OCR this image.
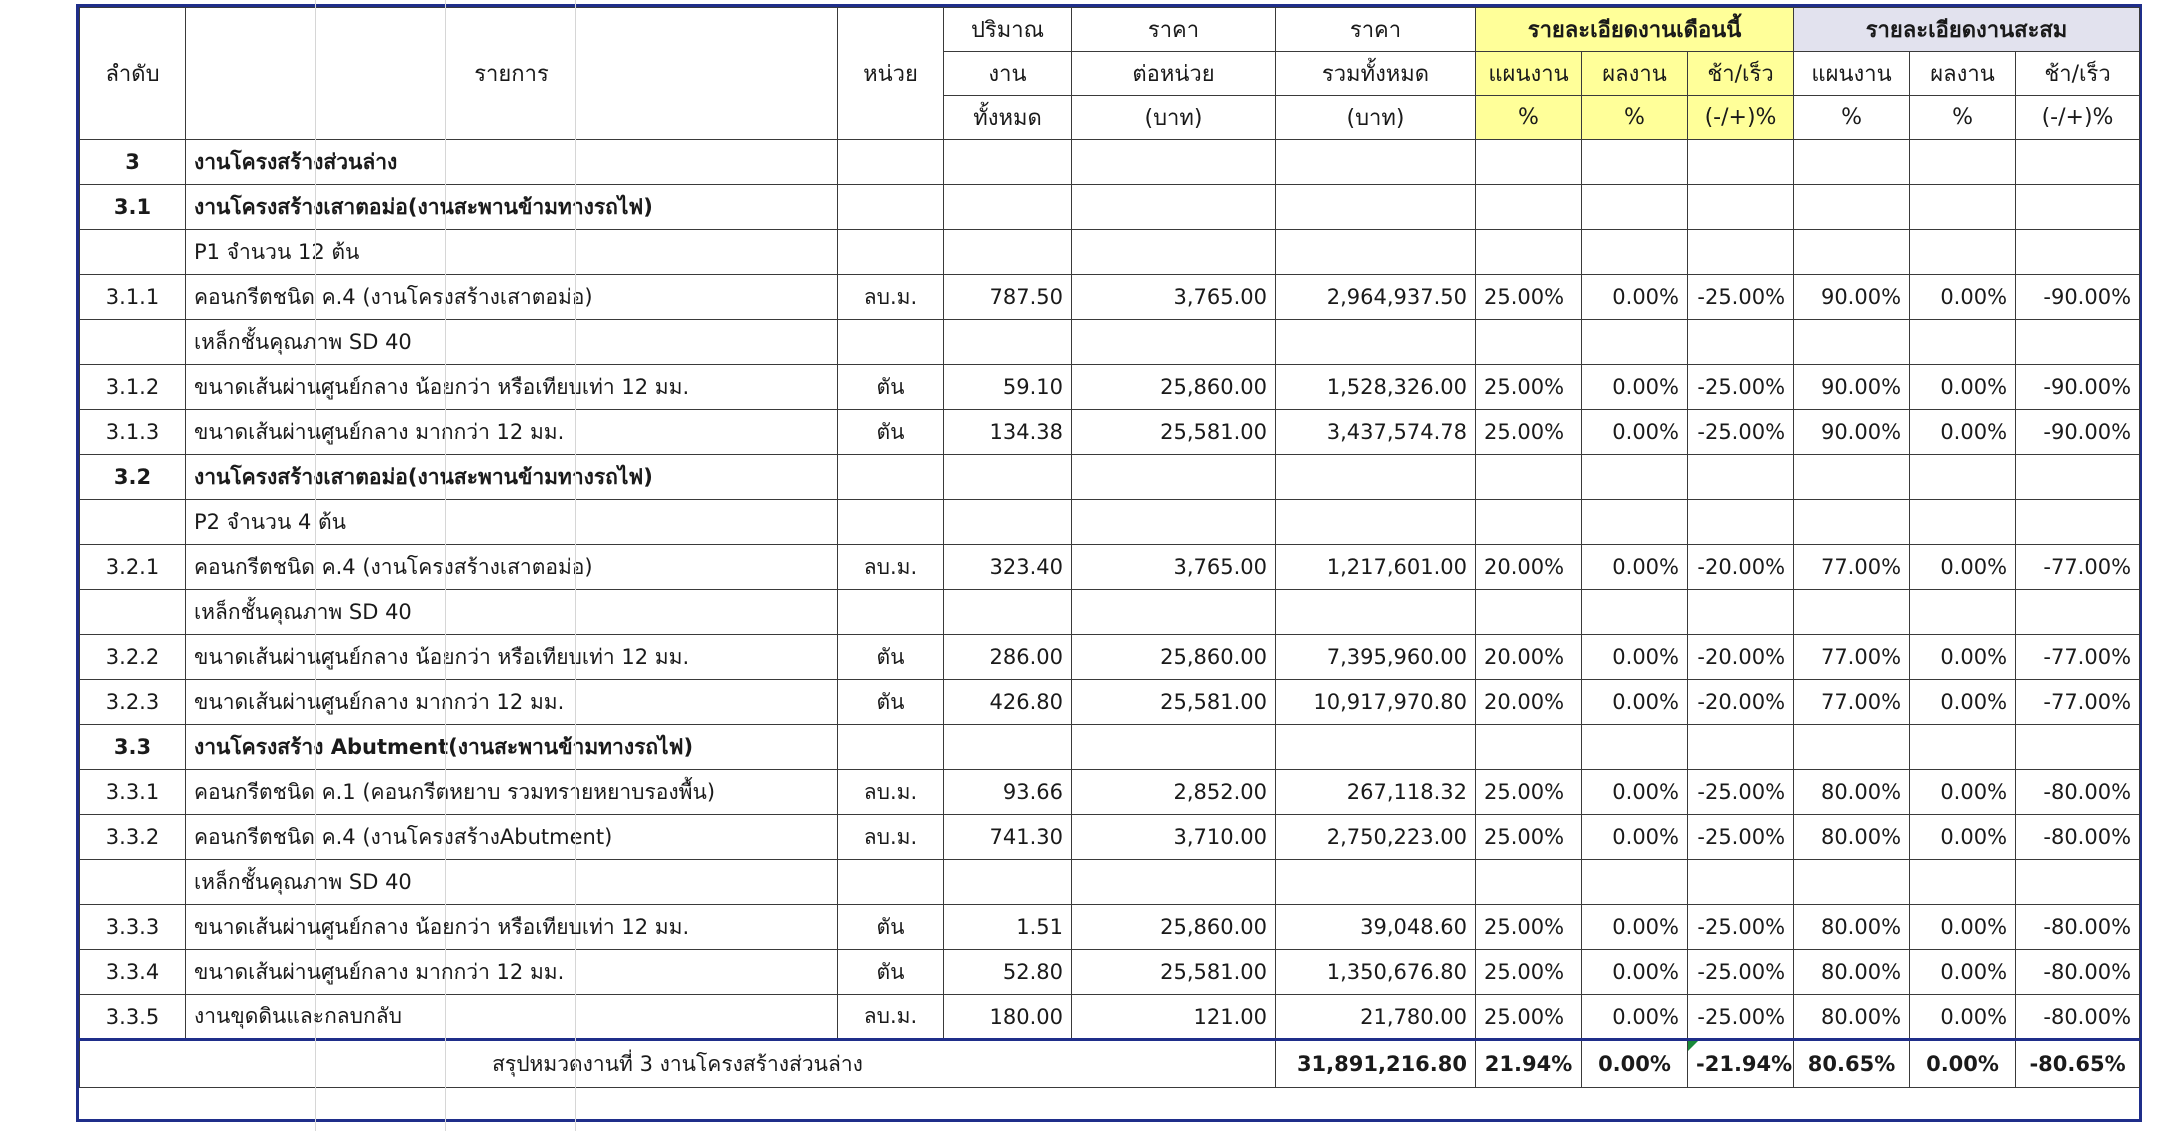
ลำดับ	รายการ	หน่วย	ปริมาณ	ราคา	ราคา	รายละเอียดงานเดือนนี้			รายละเอียดงานสะสม		
			งาน	ต่อหน่วย	รวมทั้งหมด	แผนงาน	ผลงาน	ช้า/เร็ว	แผนงาน	ผลงาน	ช้า/เร็ว
			ทั้งหมด	(บาท)	(บาท)	%	%	(-/+)%	%	%	(-/+)%
3	งานโครงสร้างส่วนล่าง										

3.1	งานโครงสร้างเสาตอม่อ(งานสะพานข้ามทางรถไฟ)										

	P1 จำนวน 12 ต้น										

3.1.1	คอนกรีตชนิด ค.4 (งานโครงสร้างเสาตอม่อ)	ลบ.ม.	787.50	3,765.00	2,964,937.50	25.00%	0.00%	-25.00%	90.00%	0.00%	-90.00%

	เหล็กชั้นคุณภาพ SD 40										

3.1.2	ขนาดเส้นผ่านศูนย์กลาง น้อยกว่า หรือเทียบเท่า 12 มม.	ตัน	59.10	25,860.00	1,528,326.00	25.00%	0.00%	-25.00%	90.00%	0.00%	-90.00%
3.1.3	ขนาดเส้นผ่านศูนย์กลาง มากกว่า 12 มม.	ตัน	134.38	25,581.00	3,437,574.78	25.00%	0.00%	-25.00%	90.00%	0.00%	-90.00%
3.2	งานโครงสร้างเสาตอม่อ(งานสะพานข้ามทางรถไฟ)										

	P2 จำนวน 4 ต้น										

3.2.1	คอนกรีตชนิด ค.4 (งานโครงสร้างเสาตอม่อ)	ลบ.ม.	323.40	3,765.00	1,217,601.00	20.00%	0.00%	-20.00%	77.00%	0.00%	-77.00%

	เหล็กชั้นคุณภาพ SD 40										

3.2.2	ขนาดเส้นผ่านศูนย์กลาง น้อยกว่า หรือเทียบเท่า 12 มม.	ตัน	286.00	25,860.00	7,395,960.00	20.00%	0.00%	-20.00%	77.00%	0.00%	-77.00%
3.2.3	ขนาดเส้นผ่านศูนย์กลาง มากกว่า 12 มม.	ตัน	426.80	25,581.00	10,917,970.80	20.00%	0.00%	-20.00%	77.00%	0.00%	-77.00%
3.3	งานโครงสร้าง Abutment(งานสะพานข้ามทางรถไฟ)										

3.3.1	คอนกรีตชนิด ค.1 (คอนกรีตหยาบ รวมทรายหยาบรองพื้น)	ลบ.ม.	93.66	2,852.00	267,118.32	25.00%	0.00%	-25.00%	80.00%	0.00%	-80.00%
3.3.2	คอนกรีตชนิด ค.4 (งานโครงสร้างAbutment)	ลบ.ม.	741.30	3,710.00	2,750,223.00	25.00%	0.00%	-25.00%	80.00%	0.00%	-80.00%

	เหล็กชั้นคุณภาพ SD 40										

3.3.3	ขนาดเส้นผ่านศูนย์กลาง น้อยกว่า หรือเทียบเท่า 12 มม.	ตัน	1.51	25,860.00	39,048.60	25.00%	0.00%	-25.00%	80.00%	0.00%	-80.00%
3.3.4	ขนาดเส้นผ่านศูนย์กลาง มากกว่า 12 มม.	ตัน	52.80	25,581.00	1,350,676.80	25.00%	0.00%	-25.00%	80.00%	0.00%	-80.00%
3.3.5	งานขุดดินและกลบกลับ	ลบ.ม.	180.00	121.00	21,780.00	25.00%	0.00%	-25.00%	80.00%	0.00%	-80.00%
สรุปหมวดงานที่ 3 งานโครงสร้างส่วนล่าง					31,891,216.80	21.94%	0.00%	-21.94%	80.65%	0.00%	-80.65%
